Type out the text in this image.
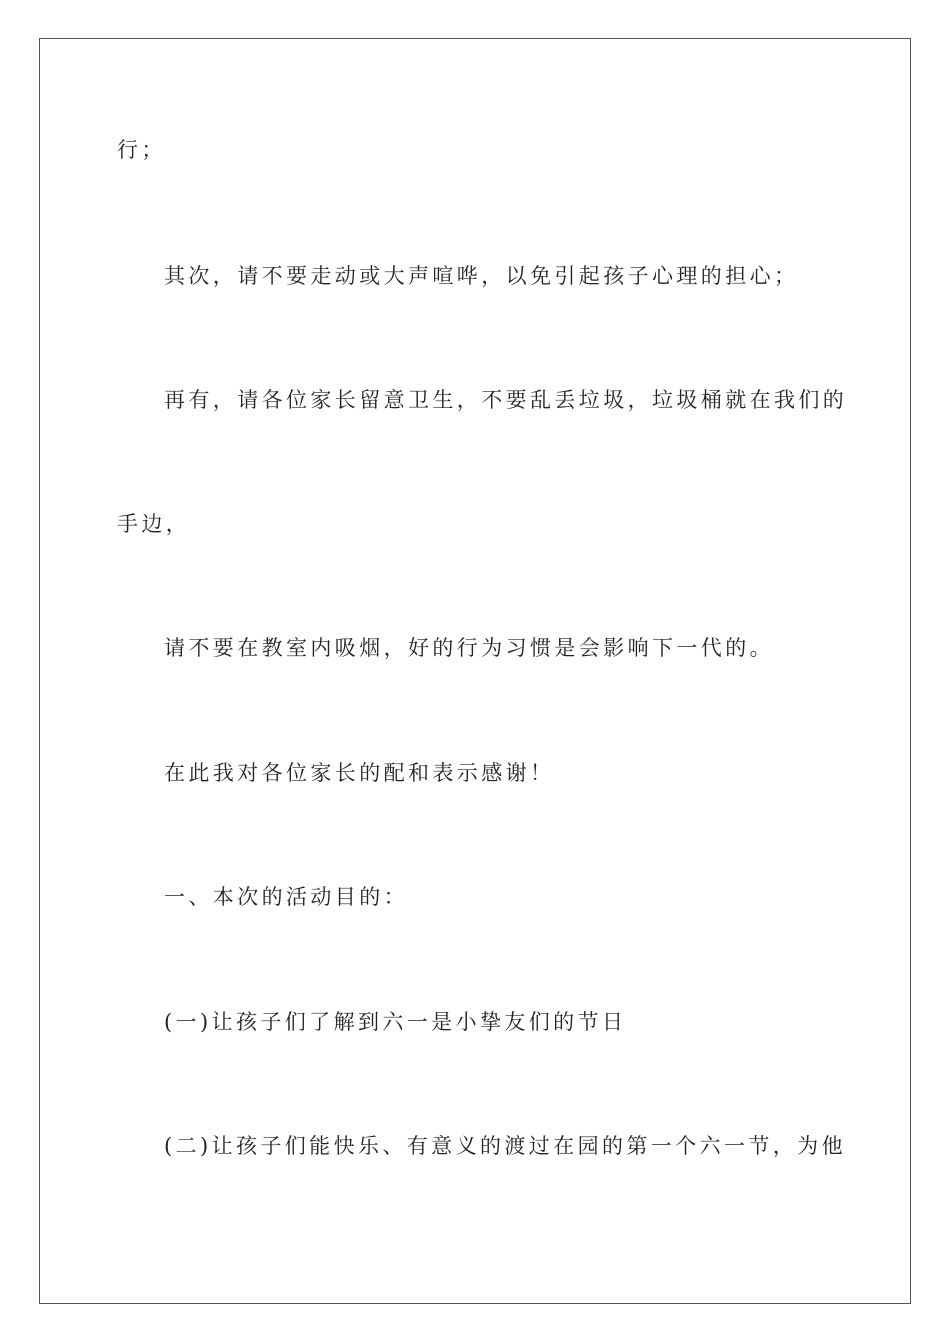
行；
其次，请不要走动或大声喧哗，以免引起孩子心理的担心；
再有，请各位家长留意卫生，不要乱丢垃圾，垃圾桶就在我们的
手边，
请不要在教室内吸烟，好的行为习惯是会影响下一代的。
在此我对各位家长的配和表示感谢！
一、本次的活动目的：
(一)让孩子们了解到六一是小挚友们的节日
(二)让孩子们能快乐、有意义的渡过在园的第一个六一节，为他
